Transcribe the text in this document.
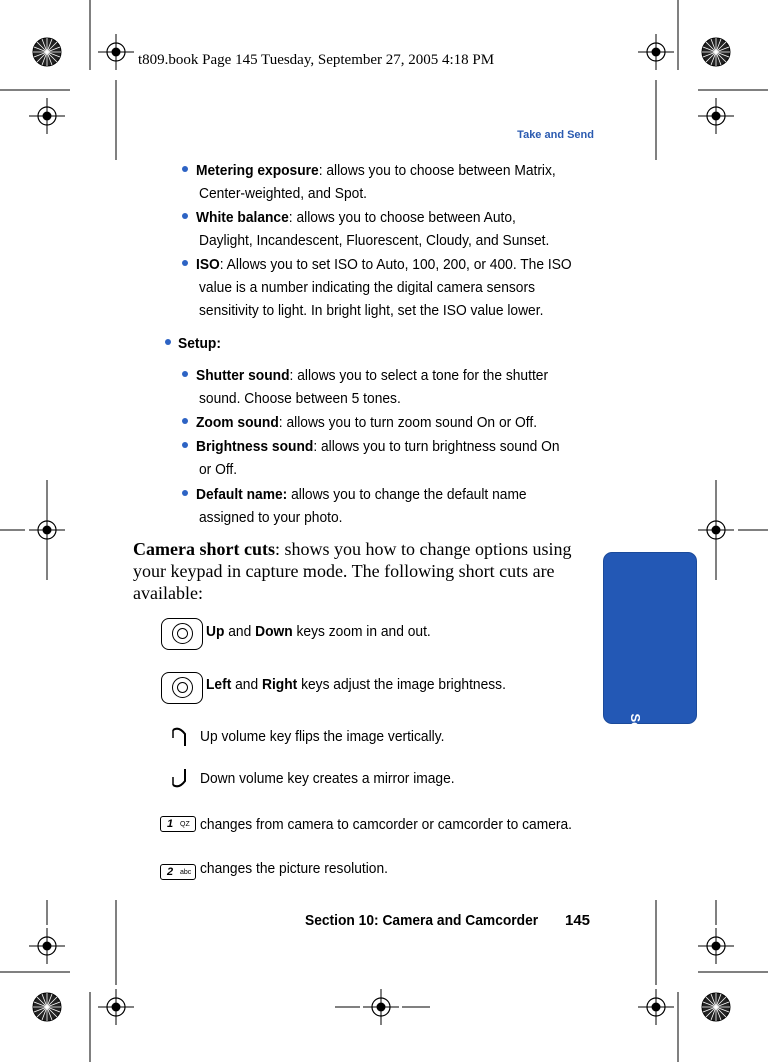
t809.book Page 145 Tuesday, September 27, 2005 4:18 PM
Take and Send
Section 10
Metering exposure: allows you to choose between Matrix,
Center-weighted, and Spot.
White balance: allows you to choose between Auto,
Daylight, Incandescent, Fluorescent, Cloudy, and Sunset.
ISO: Allows you to set ISO to Auto, 100, 200, or 400. The ISO
value is a number indicating the digital camera sensors
sensitivity to light. In bright light, set the ISO value lower.
Setup:
Shutter sound: allows you to select a tone for the shutter
sound. Choose between 5 tones.
Zoom sound: allows you to turn zoom sound On or Off.
Brightness sound: allows you to turn brightness sound On
or Off.
Default name: allows you to change the default name
assigned to your photo.
Camera short cuts: shows you how to change options using your keypad in capture mode. The following short cuts are available:
Up and Down keys zoom in and out.
Left and Right keys adjust the image brightness.
Up volume key flips the image vertically.
Down volume key creates a mirror image.
1 QZ changes from camera to camcorder or camcorder to camera.
2 abc changes the picture resolution.
Section 10: Camera and Camcorder 145
